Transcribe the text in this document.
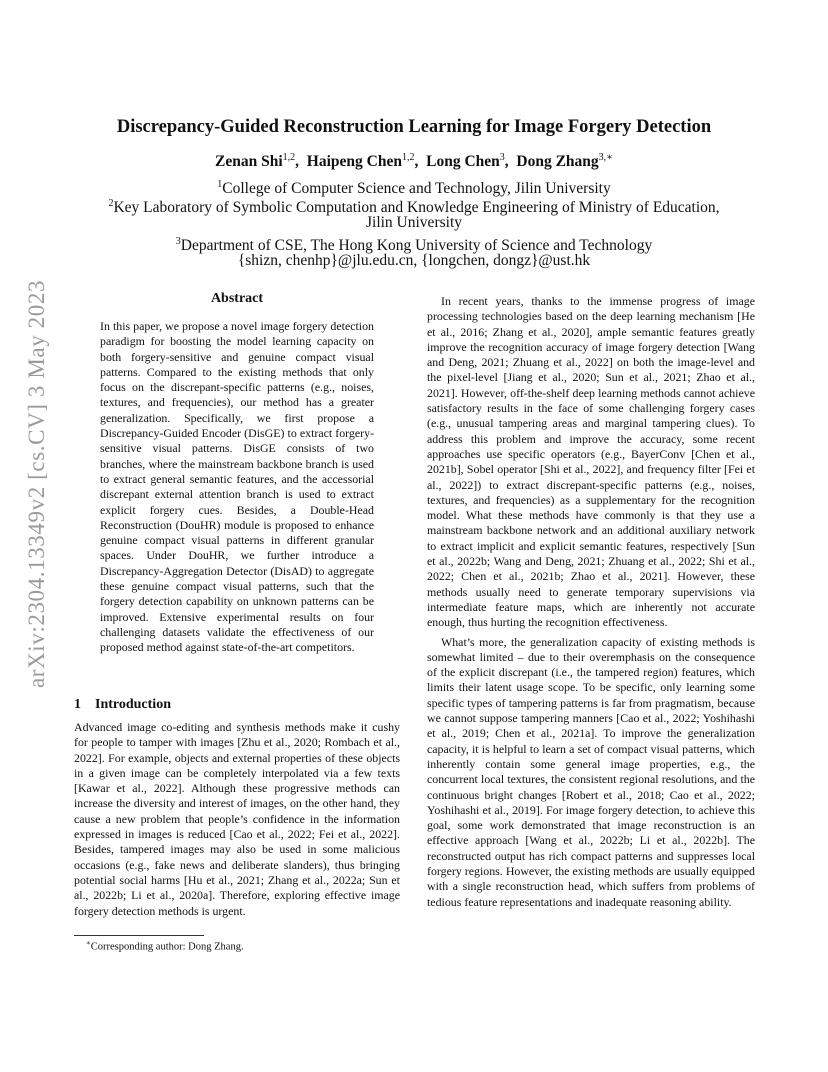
arXiv:2304.13349v2 [cs.CV] 3 May 2023
Discrepancy-Guided Reconstruction Learning for Image Forgery Detection
Zenan Shi$^{1,2}$,  Haipeng Chen$^{1,2}$,  Long Chen$^3$,  Dong Zhang$^{3,∗}$
$^1$College of Computer Science and Technology, Jilin University
$^2$Key Laboratory of Symbolic Computation and Knowledge Engineering of Ministry of Education,
Jilin University
$^3$Department of CSE, The Hong Kong University of Science and Technology
{shizn, chenhp}@jlu.edu.cn, {longchen, dongz}@ust.hk
Abstract
In this paper, we propose a novel image forgery detection paradigm for boosting the model learning capacity on both forgery-sensitive and genuine compact visual patterns. Compared to the existing methods that only focus on the discrepant-specific patterns (e.g., noises, textures, and frequencies), our method has a greater generalization. Specifically, we first propose a Discrepancy-Guided Encoder (DisGE) to extract forgery-sensitive visual patterns. DisGE consists of two branches, where the mainstream backbone branch is used to extract general semantic features, and the accessorial discrepant external attention branch is used to extract explicit forgery cues. Besides, a Double-Head Reconstruction (DouHR) module is proposed to enhance genuine compact visual patterns in different granular spaces. Under DouHR, we further introduce a Discrepancy-Aggregation Detector (DisAD) to aggregate these genuine compact visual patterns, such that the forgery detection capability on unknown patterns can be improved. Extensive experimental results on four challenging datasets validate the effectiveness of our proposed method against state-of-the-art competitors.
1 Introduction

Advanced image co-editing and synthesis methods make it cushy for people to tamper with images [Zhu et al., 2020; Rombach et al., 2022]. For example, objects and external properties of these objects in a given image can be completely interpolated via a few texts [Kawar et al., 2022]. Although these progressive methods can increase the diversity and interest of images, on the other hand, they cause a new problem that people’s confidence in the information expressed in images is reduced [Cao et al., 2022; Fei et al., 2022]. Besides, tampered images may also be used in some malicious occasions (e.g., fake news and deliberate slanders), thus bringing potential social harms [Hu et al., 2021; Zhang et al., 2022a; Sun et al., 2022b; Li et al., 2020a]. Therefore, exploring effective image forgery detection methods is urgent.

In recent years, thanks to the immense progress of image processing technologies based on the deep learning mechanism [He et al., 2016; Zhang et al., 2020], ample semantic features greatly improve the recognition accuracy of image forgery detection [Wang and Deng, 2021; Zhuang et al., 2022] on both the image-level and the pixel-level [Jiang et al., 2020; Sun et al., 2021; Zhao et al., 2021]. However, off-the-shelf deep learning methods cannot achieve satisfactory results in the face of some challenging forgery cases (e.g., unusual tampering areas and marginal tampering clues). To address this problem and improve the accuracy, some recent approaches use specific operators (e.g., BayerConv [Chen et al., 2021b], Sobel operator [Shi et al., 2022], and frequency filter [Fei et al., 2022]) to extract discrepant-specific patterns (e.g., noises, textures, and frequencies) as a supplementary for the recognition model. What these methods have commonly is that they use a mainstream backbone network and an additional auxiliary network to extract implicit and explicit semantic features, respectively [Sun et al., 2022b; Wang and Deng, 2021; Zhuang et al., 2022; Shi et al., 2022; Chen et al., 2021b; Zhao et al., 2021]. However, these methods usually need to generate temporary supervisions via intermediate feature maps, which are inherently not accurate enough, thus hurting the recognition effectiveness.

What’s more, the generalization capacity of existing methods is somewhat limited – due to their overemphasis on the consequence of the explicit discrepant (i.e., the tampered region) features, which limits their latent usage scope. To be specific, only learning some specific types of tampering patterns is far from pragmatism, because we cannot suppose tampering manners [Cao et al., 2022; Yoshihashi et al., 2019; Chen et al., 2021a]. To improve the generalization capacity, it is helpful to learn a set of compact visual patterns, which inherently contain some general image properties, e.g., the concurrent local textures, the consistent regional resolutions, and the continuous bright changes [Robert et al., 2018; Cao et al., 2022; Yoshihashi et al., 2019]. For image forgery detection, to achieve this goal, some work demonstrated that image reconstruction is an effective approach [Wang et al., 2022b; Li et al., 2022b]. The reconstructed output has rich compact patterns and suppresses local forgery regions. However, the existing methods are usually equipped with a single reconstruction head, which suffers from problems of tedious feature representations and inadequate reasoning ability.

∗Corresponding author: Dong Zhang.
